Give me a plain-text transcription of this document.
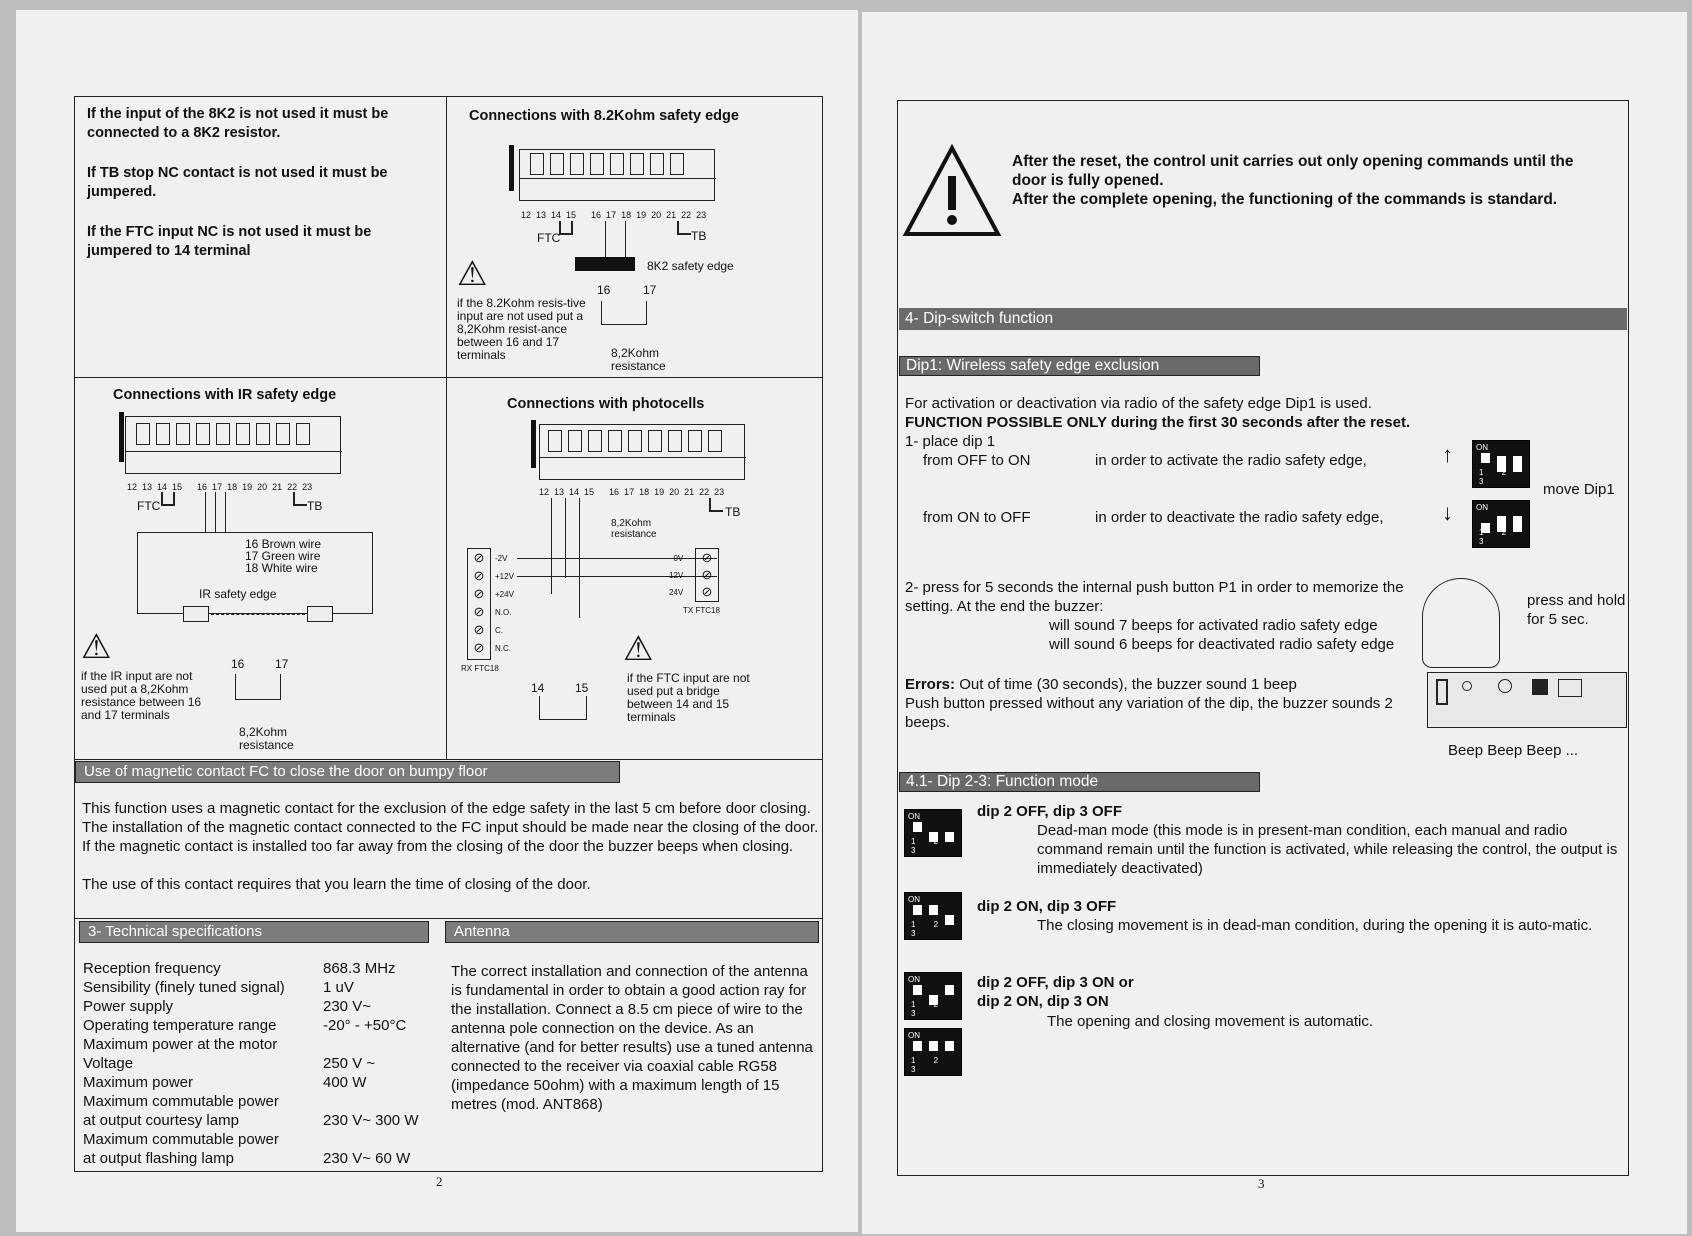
If the input of the 8K2 is not used it must be connected to a 8K2 resistor.
If TB stop NC contact is not used it must be jumpered.
If the FTC input NC is not used it must be jumpered to 14 terminal
Connections with 8.2Kohm safety edge
12  13  14  15      16  17  18  19  20  21  22  23
FTC	TB
8K2 safety edge
⚠
if the 8.2Kohm resis-tive input are not used put a 8,2Kohm resist-ance between 16 and 17 terminals
16	17
8,2Kohm resistance
Connections with IR safety edge
12  13  14  15      16  17  18  19  20  21  22  23
FTC	TB
16 Brown wire
17 Green wire
18 White wire
IR safety edge
⚠
if the IR input are not used put a 8,2Kohm resistance between 16 and 17 terminals
16	17
8,2Kohm resistance
Connections with photocells
12  13  14  15      16  17  18  19  20  21  22  23
TB
8,2Kohm resistance
⊘
⊘
⊘
⊘
⊘
⊘
-2V
+12V
+24V
N.O.
C.
N.C.
RX FTC18
⊘
⊘
⊘
0V
12V
24V
TX FTC18
⚠
if the FTC input are not used put a bridge between 14 and 15 terminals
14	15
Use of magnetic contact FC to close the door on bumpy floor
This function uses a magnetic contact for the exclusion of the edge safety in the last 5 cm before door closing. The installation of the magnetic contact connected to the FC input should be made near the closing of the door. If the magnetic contact is installed too far away from the closing of the door the buzzer beeps when closing.
The use of this contact requires that you learn the time of closing of the door.
3- Technical specifications	Antenna
Reception frequency	868.3 MHz
Sensibility (finely tuned signal)	1 uV
Power supply	230 V~
Operating temperature range	-20° - +50°C
Maximum power at the motor
Voltage	250 V ~
Maximum power	400 W
Maximum commutable power
at output courtesy lamp	230 V~ 300 W
Maximum commutable power
at output flashing lamp	230 V~ 60 W
The correct installation and connection of the antenna is fundamental in order to obtain a good action ray for the installation. Connect a 8.5 cm piece of wire to the antenna pole connection on the device. As an alternative (and for better results) use a tuned antenna connected to the receiver via coaxial cable RG58 (impedance 50ohm) with a maximum length of 15 metres (mod. ANT868)
2
After the reset, the control unit carries out only opening commands until the door is fully opened.
After the complete opening, the functioning of the commands is standard.
4- Dip-switch function
Dip1: Wireless safety edge exclusion
For activation or deactivation via radio of the safety edge Dip1 is used.
FUNCTION POSSIBLE ONLY during the first 30 seconds after the reset.
1- place dip 1
from OFF to ON	in order to activate the radio safety edge,	↑	ON
1 2 3	move Dip1
from ON to OFF	in order to deactivate the radio safety edge,	↓	ON
1 2 3
2- press for 5 seconds the internal push button P1 in order to memorize the setting. At the end the buzzer:
will sound 7 beeps for activated radio safety edge
will sound 6 beeps for deactivated radio safety edge
press and hold for 5 sec.
Errors: Out of time (30 seconds), the buzzer sound 1 beep
Push button pressed without any variation of the dip, the buzzer sounds 2 beeps.
Beep Beep Beep ...
4.1- Dip 2-3: Function mode
ON
1 2 3
dip 2 OFF, dip 3 OFF
Dead-man mode (this mode is in present-man condition, each manual and radio command remain until the function is activated, while releasing the control, the output is immediately deactivated)
ON
1 2 3
dip 2 ON, dip 3 OFF
The closing movement is in dead-man condition, during the opening it is auto-matic.
ON
1 2 3
ON
1 2 3
dip 2 OFF, dip 3 ON or
dip 2 ON, dip 3 ON
The opening and closing movement is automatic.
3
